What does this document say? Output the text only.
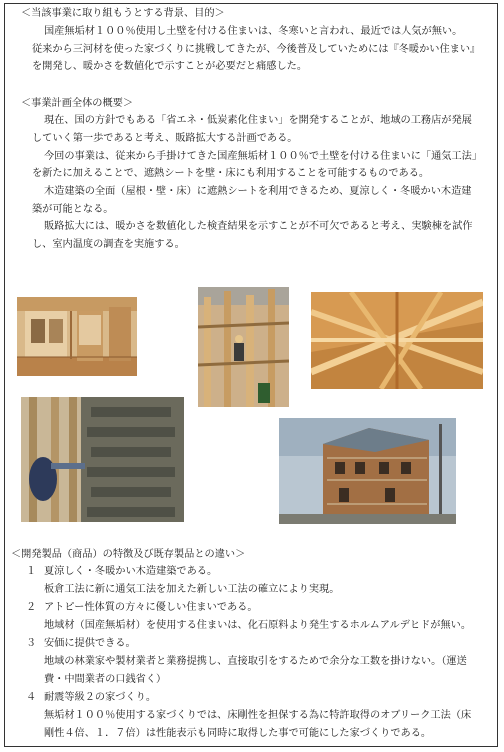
＜当該事業に取り組もうとする背景、目的＞
国産無垢材１００％使用し土壁を付ける住まいは、冬寒いと言われ、最近では人気が無い。
従来から三河材を使った家づくりに挑戦してきたが、今後普及していためには『冬暖かい住まい』
を開発し、暖かさを数値化で示すことが必要だと痛感した。
＜事業計画全体の概要＞
現在、国の方針でもある「省エネ・低炭素化住まい」を開発することが、地域の工務店が発展
していく第一歩であると考え、販路拡大する計画である。
今回の事業は、従来から手掛けてきた国産無垢材１００％で土壁を付ける住まいに「通気工法」
を新たに加えることで、遮熱シートを壁・床にも利用することを可能するものである。
木造建築の全面（屋根・壁・床）に遮熱シートを利用できるため、夏涼しく・冬暖かい木造建
築が可能となる。
販路拡大には、暖かさを数値化した検査結果を示すことが不可欠であると考え、実験棟を試作
し、室内温度の調査を実施する。
＜開発製品（商品）の特徴及び既存製品との違い＞
１ 夏涼しく・冬暖かい木造建築である。
板倉工法に新に通気工法を加えた新しい工法の確立により実現。
２ アトピー性体質の方々に優しい住まいである。
地域材（国産無垢材）を使用する住まいは、化石原料より発生するホルムアルデヒドが無い。
３ 安価に提供できる。
地域の林業家や製材業者と業務提携し、直接取引をするためで余分な工数を掛けない。（運送
費・中間業者の口銭省く）
４ 耐震等級２の家づくり。
無垢材１００％使用する家づくりでは、床剛性を担保する為に特許取得のオブリーク工法（床
剛性４倍、１．７倍）は性能表示も同時に取得した事で可能にした家づくりである。
